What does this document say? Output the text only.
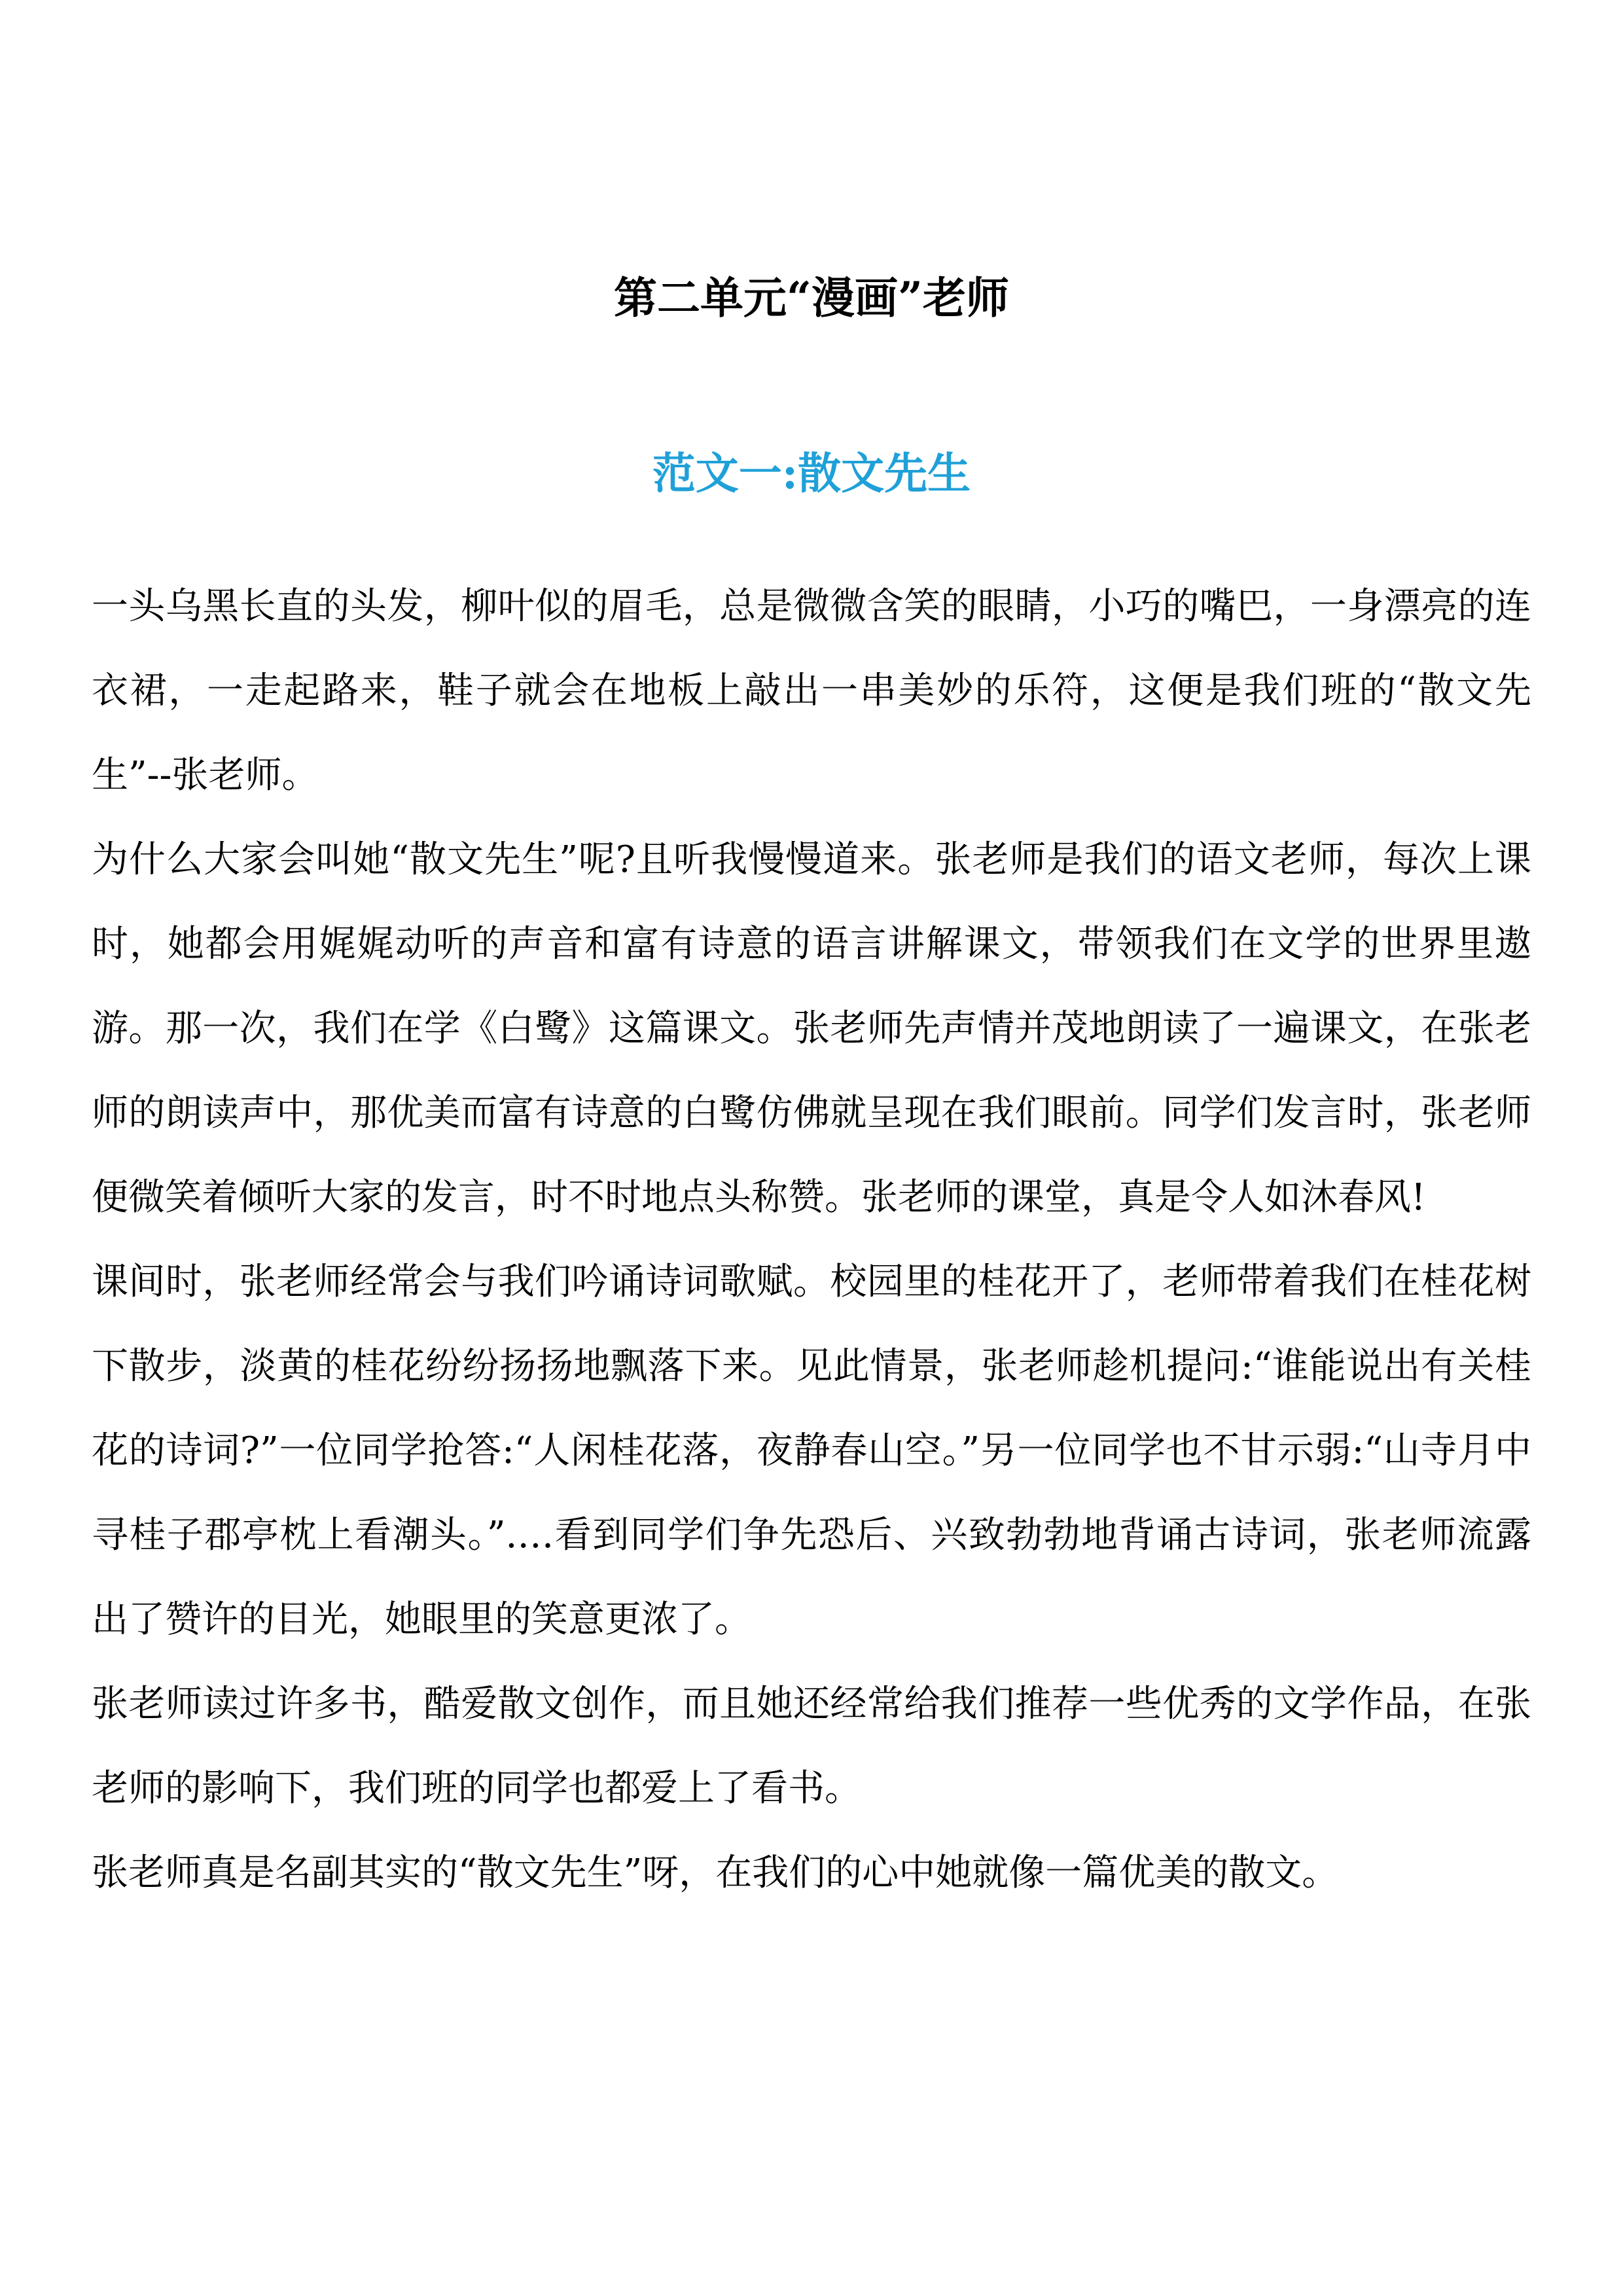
第二单元“漫画”老师
范文一:散文先生

一头乌黑长直的头发，柳叶似的眉毛，总是微微含笑的眼睛，小巧的嘴巴，一身漂亮的连衣裙，一走起路来，鞋子就会在地板上敲出一串美妙的乐符，这便是我们班的“散文先生”--张老师。

为什么大家会叫她“散文先生”呢?且听我慢慢道来。张老师是我们的语文老师，每次上课时，她都会用娓娓动听的声音和富有诗意的语言讲解课文，带领我们在文学的世界里遨游。那一次，我们在学《白鹭》这篇课文。张老师先声情并茂地朗读了一遍课文，在张老师的朗读声中，那优美而富有诗意的白鹭仿佛就呈现在我们眼前。同学们发言时，张老师便微笑着倾听大家的发言，时不时地点头称赞。张老师的课堂，真是令人如沐春风!

课间时，张老师经常会与我们吟诵诗词歌赋。校园里的桂花开了，老师带着我们在桂花树下散步，淡黄的桂花纷纷扬扬地飘落下来。见此情景，张老师趁机提问:“谁能说出有关桂花的诗词?”一位同学抢答:“人闲桂花落，夜静春山空。”另一位同学也不甘示弱:“山寺月中寻桂子郡亭枕上看潮头。”.…看到同学们争先恐后、兴致勃勃地背诵古诗词，张老师流露出了赞许的目光，她眼里的笑意更浓了。

张老师读过许多书，酷爱散文创作，而且她还经常给我们推荐一些优秀的文学作品，在张老师的影响下，我们班的同学也都爱上了看书。

张老师真是名副其实的“散文先生”呀，在我们的心中她就像一篇优美的散文。
